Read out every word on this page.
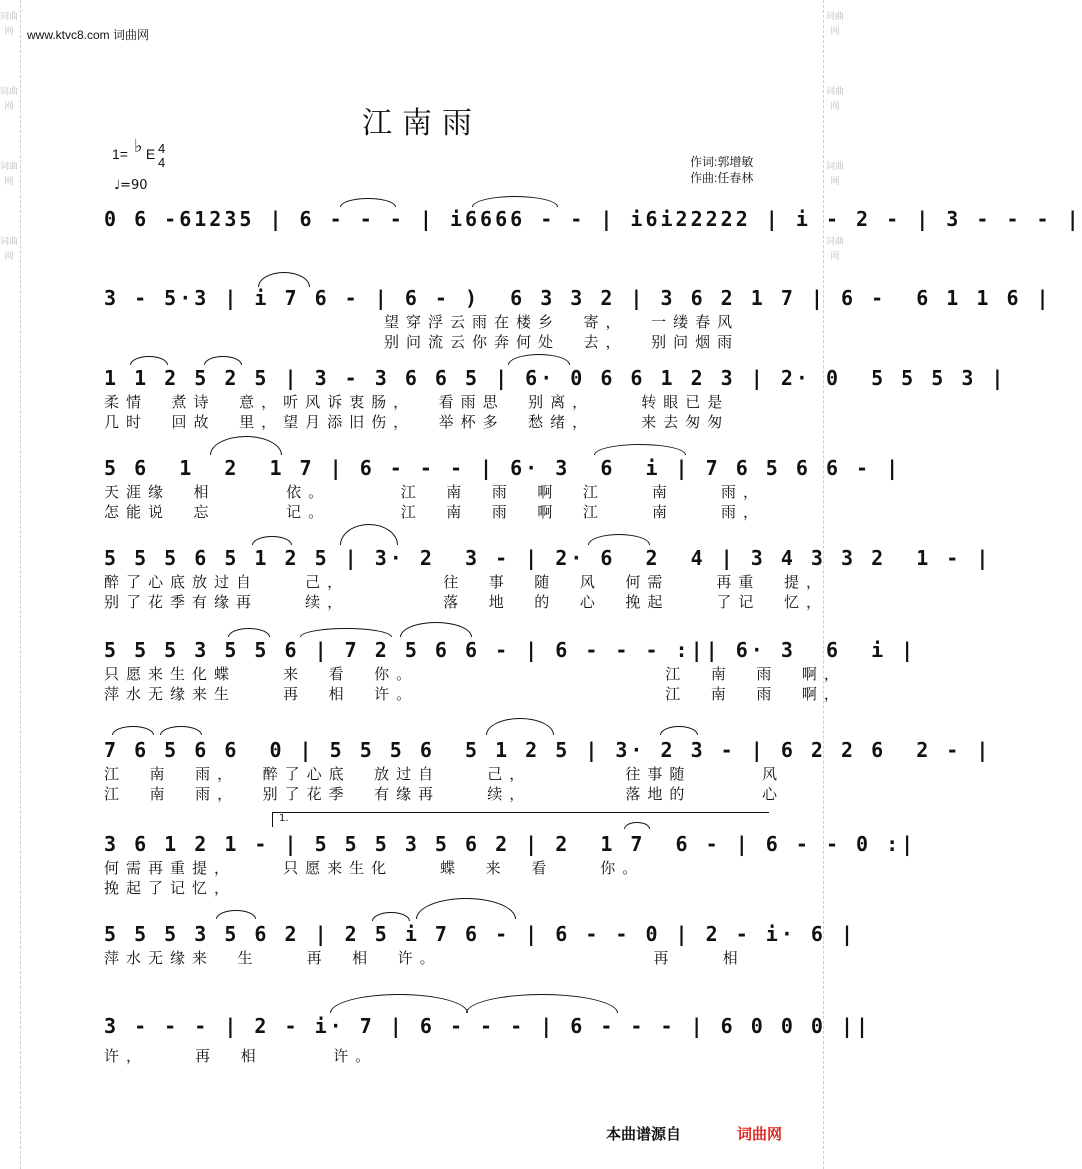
词曲网

词曲网

词曲网

词曲网
词曲网

词曲网

词曲网

词曲网
www.ktvc8.com 词曲网
江南雨
1= ♭ E 4
4
♩=90
作词:郭增敏
作曲:任春林
0 6 -61235 | 6 - - - | i6666 - - | i6i22222 | i - 2 - | 3 - - - |
3 - 5·3 | i 7 6 - | 6 - )  6 3 3 2 | 3 6 2 1 7 | 6 -  6 1 1 6 |
望穿浮云雨在楼乡  寄，  一缕春风
别问流云你奔何处  去，  别问烟雨
1 1 2 5 2 5 | 3 - 3 6 6 5 | 6· 0 6 6 1 2 3 | 2· 0  5 5 5 3 |
柔情  煮诗  意，听风诉衷肠，  看雨思  别离，    转眼已是
几时  回故  里，望月添旧伤，  举杯多  愁绪，    来去匆匆
5 6  1  2  1 7 | 6 - - - | 6· 3  6  i | 7 6 5 6 6 - |
天涯缘  相      依。      江  南  雨  啊  江    南    雨，
怎能说  忘      记。      江  南  雨  啊  江    南    雨，
5 5 5 6 5 1 2 5 | 3· 2  3 - | 2· 6  2  4 | 3 4 3 3 2  1 - |
醉了心底放过自    己，        往  事  随  风  何需    再重  提，
别了花季有缘再    续，        落  地  的  心  挽起    了记  忆，
5 5 5 3 5 5 6 | 7 2 5 6 6 - | 6 - - - :|| 6· 3  6  i |
只愿来生化蝶    来  看  你。                     江  南  雨  啊，
萍水无缘来生    再  相  许。                     江  南  雨  啊，
7 6 5 6 6  0 | 5 5 5 6  5 1 2 5 | 3· 2 3 - | 6 2 2 6  2 - |
江  南  雨，  醉了心底  放过自    己，        往事随      风
江  南  雨，  别了花季  有缘再    续，        落地的      心
1.
3 6 1 2 1 - | 5 5 5 3 5 6 2 | 2  1 7  6 - | 6 - - 0 :|
何需再重提，    只愿来生化    蝶  来  看    你。
挽起了记忆，
5 5 5 3 5 6 2 | 2 5 i 7 6 - | 6 - - 0 | 2 - i· 6 |
萍水无缘来  生    再  相  许。                  再    相
3 - - - | 2 - i· 7 | 6 - - - | 6 - - - | 6 0 0 0 ||
许，    再  相      许。
本曲谱源自	词曲网
